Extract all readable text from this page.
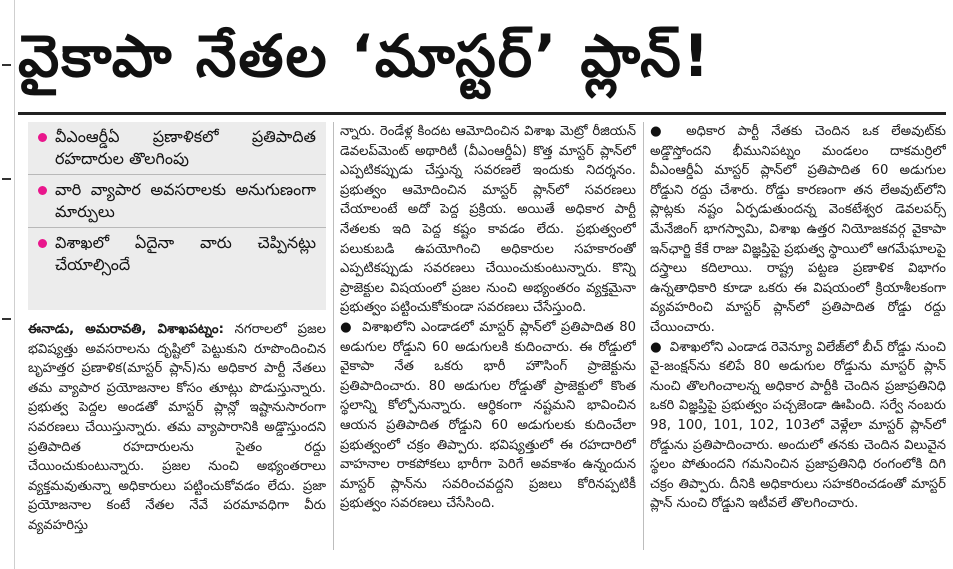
వైకాపా నేతల ‘మాస్టర్’ ప్లాన్!
వీఎంఆర్డీఏ ప్రణాళికలో ప్రతిపాదిత రహదారుల తొలగింపు
వారి వ్యాపార అవసరాలకు అనుగుణంగా మార్పులు
విశాఖలో ఏదైనా వారు చెప్పినట్లు చేయాల్సిందే

ఈనాడు, అమరావతి, విశాఖపట్నం: నగరాలలో ప్రజల భవిష్యత్తు అవసరాలను దృష్టిలో పెట్టుకుని రూపొందించిన బృహత్తర ప్రణాళిక(మాస్టర్ ప్లాన్)ను అధికార పార్టీ నేతలు తమ వ్యాపార ప్రయోజనాల కోసం తూట్లు పొడుస్తున్నారు. ప్రభుత్వ పెద్దల అండతో మాస్టర్ ప్లాన్లో ఇష్టానుసారంగా సవరణలు చేయిస్తున్నారు. తమ వ్యాపారానికి అడ్డొస్తుందని ప్రతిపాదిత రహదారులను సైతం రద్దు చేయించుకుంటున్నారు. ప్రజల నుంచి అభ్యంతరాలు వ్యక్తమవుతున్నా అధికారులు పట్టించుకోవడం లేదు. ప్రజా ప్రయోజనాల కంటే నేతల నేవే పరమావధిగా వీరు వ్యవహరిస్తు

న్నారు. రెండేళ్ల కిందట ఆమోదించిన విశాఖ మెట్రో రీజియన్ డెవలప్‌మెంట్ అథారిటీ (వీఎంఆర్డీఏ) కొత్త మాస్టర్ ప్లాన్‌లో ఎప్పటికప్పుడు చేస్తున్న సవరణలే ఇందుకు నిదర్శనం. ప్రభుత్వం ఆమోదించిన మాస్టర్ ప్లాన్‌లో సవరణలు చేయాలంటే అదో పెద్ద ప్రక్రియ. అయితే అధికార పార్టీ నేతలకు ఇది పెద్ద కష్టం కావడం లేదు. ప్రభుత్వంలో పలుకుబడి ఉపయోగించి అధికారుల సహకారంతో ఎప్పటికప్పుడు సవరణలు చేయించుకుంటున్నారు. కొన్ని ప్రాజెక్టుల విషయంలో ప్రజల నుంచి అభ్యంతరం వ్యక్తమైనా ప్రభుత్వం పట్టించుకోకుండా సవరణలు చేసేస్తుంది.

● విశాఖలోని ఎండాడలో మాస్టర్ ప్లాన్‌లో ప్రతిపాదిత 80 అడుగుల రోడ్డుని 60 అడుగులకి కుదించారు. ఈ రోడ్డులో వైకాపా నేత ఒకరు భారీ హౌసింగ్ ప్రాజెక్టును ప్రతిపాదించారు. 80 అడుగుల రోడ్డుతో ప్రాజెక్టులో కొంత స్థలాన్ని కోల్పోనున్నారు. ఆర్థికంగా నష్టమని భావించిన ఆయన ప్రతిపాదిత రోడ్డుని 60 అడుగులకు కుదించేలా ప్రభుత్వంలో చక్రం తిప్పారు. భవిష్యత్తులో ఈ రహదారిలో వాహనాల రాకపోకలు భారీగా పెరిగే అవకాశం ఉన్నందున మాస్టర్ ప్లాన్‌ను సవరించవద్దని ప్రజలు కోరినప్పటికీ ప్రభుత్వం సవరణలు చేసేసింది.

● అధికార పార్టీ నేతకు చెందిన ఒక లేఅవుట్‌కు అడ్డొస్తోందని భీమునిపట్నం మండలం దాకమర్రిలో వీఎంఆర్డీఏ మాస్టర్ ప్లాన్‌లో ప్రతిపాదిత 60 అడుగుల రోడ్డుని రద్దు చేశారు. రోడ్డు కారణంగా తన లేఅవుట్‌లోని ప్లాట్లకు నష్టం ఏర్పడుతుందన్న వెంకటేశ్వర డెవలపర్స్ మేనేజింగ్ భాగస్వామి, విశాఖ ఉత్తర నియోజకవర్గ వైకాపా ఇన్‌ఛార్జి కేకే రాజు విజ్ఞప్తిపై ప్రభుత్వ స్థాయిలో ఆగమేఘాలపై దస్త్రాలు కదిలాయి. రాష్ట్ర పట్టణ ప్రణాళిక విభాగం ఉన్నతాధికారి కూడా ఒకరు ఈ విషయంలో క్రియాశీలకంగా వ్యవహరించి మాస్టర్ ప్లాన్‌లో ప్రతిపాదిత రోడ్డు రద్దు చేయించారు.

● విశాఖలోని ఎండాడ రెవెన్యూ విలేజ్‌లో బీచ్ రోడ్డు నుంచి వై-జంక్షన్‌ను కలిపే 80 అడుగుల రోడ్డును మాస్టర్ ప్లాన్ నుంచి తొలగించాలన్న అధికార పార్టీకి చెందిన ప్రజాప్రతినిధి ఒకరి విజ్ఞప్తిపై ప్రభుత్వం పచ్చజెండా ఊపింది. సర్వే నంబరు 98, 100, 101, 102, 103లో వెళ్లేలా మాస్టర్ ప్లాన్‌లో రోడ్డును ప్రతిపాదించారు. అందులో తనకు చెందిన విలువైన స్థలం పోతుందని గమనించిన ప్రజాప్రతినిధి రంగంలోకి దిగి చక్రం తిప్పారు. దీనికి అధికారులు సహకరించడంతో మాస్టర్ ప్లాన్ నుంచి రోడ్డుని ఇటీవలే తొలగించారు.
